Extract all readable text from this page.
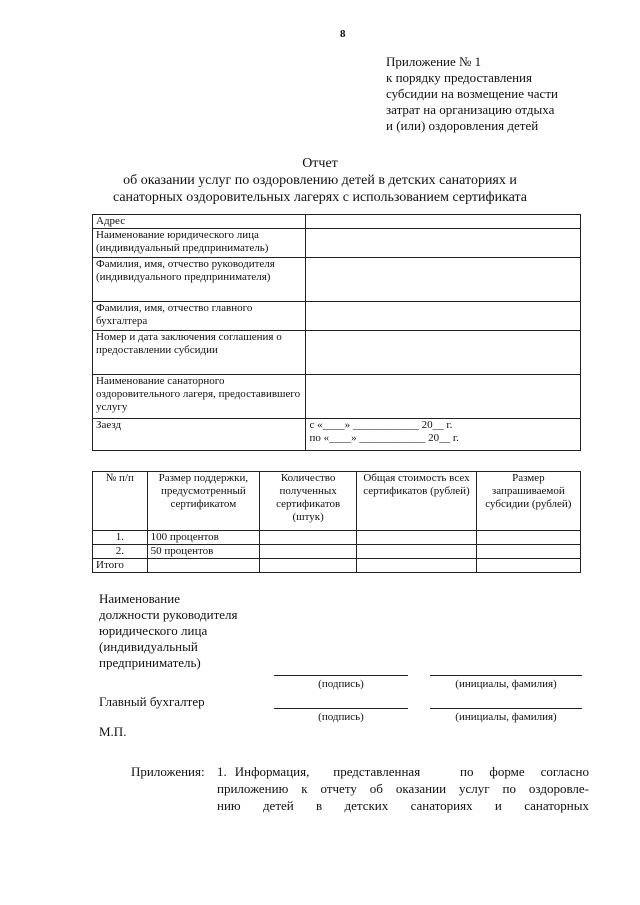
8
Приложение № 1
к порядку предоставления
субсидии на возмещение части
затрат на организацию отдыха
и (или) оздоровления детей
Отчет
об оказании услуг по оздоровлению детей в детских санаториях и
санаторных оздоровительных лагерях с использованием сертификата
Адрес	
Наименование юридического лица (индивидуальный предприниматель)	
Фамилия, имя, отчество руководителя (индивидуального предпринимателя)	
Фамилия, имя, отчество главного бухгалтера	
Номер и дата заключения соглашения о предоставлении субсидии	
Наименование санаторного оздоровительного лагеря, предоставившего услугу	
Заезд	с «____» ____________ 20__ г.
по «____» ____________ 20__ г.
№ п/п	Размер поддержки, предусмотренный сертификатом	Количество полученных сертификатов (штук)	Общая стоимость всех сертификатов (рублей)	Размер запрашиваемой субсидии (рублей)
1.	100 процентов			
2.	50 процентов			
Итого				
Наименование
должности руководителя
юридического лица
(индивидуальный
предприниматель)
(подпись)	(инициалы, фамилия)
Главный бухгалтер
(подпись)	(инициалы, фамилия)
М.П.
Приложения: 1. Информация,   представленная     по  форме  согласно
приложению  к  отчету  об  оказании  услуг  по  оздоровле-
нию    детей    в    детских    санаториях    и    санаторных
